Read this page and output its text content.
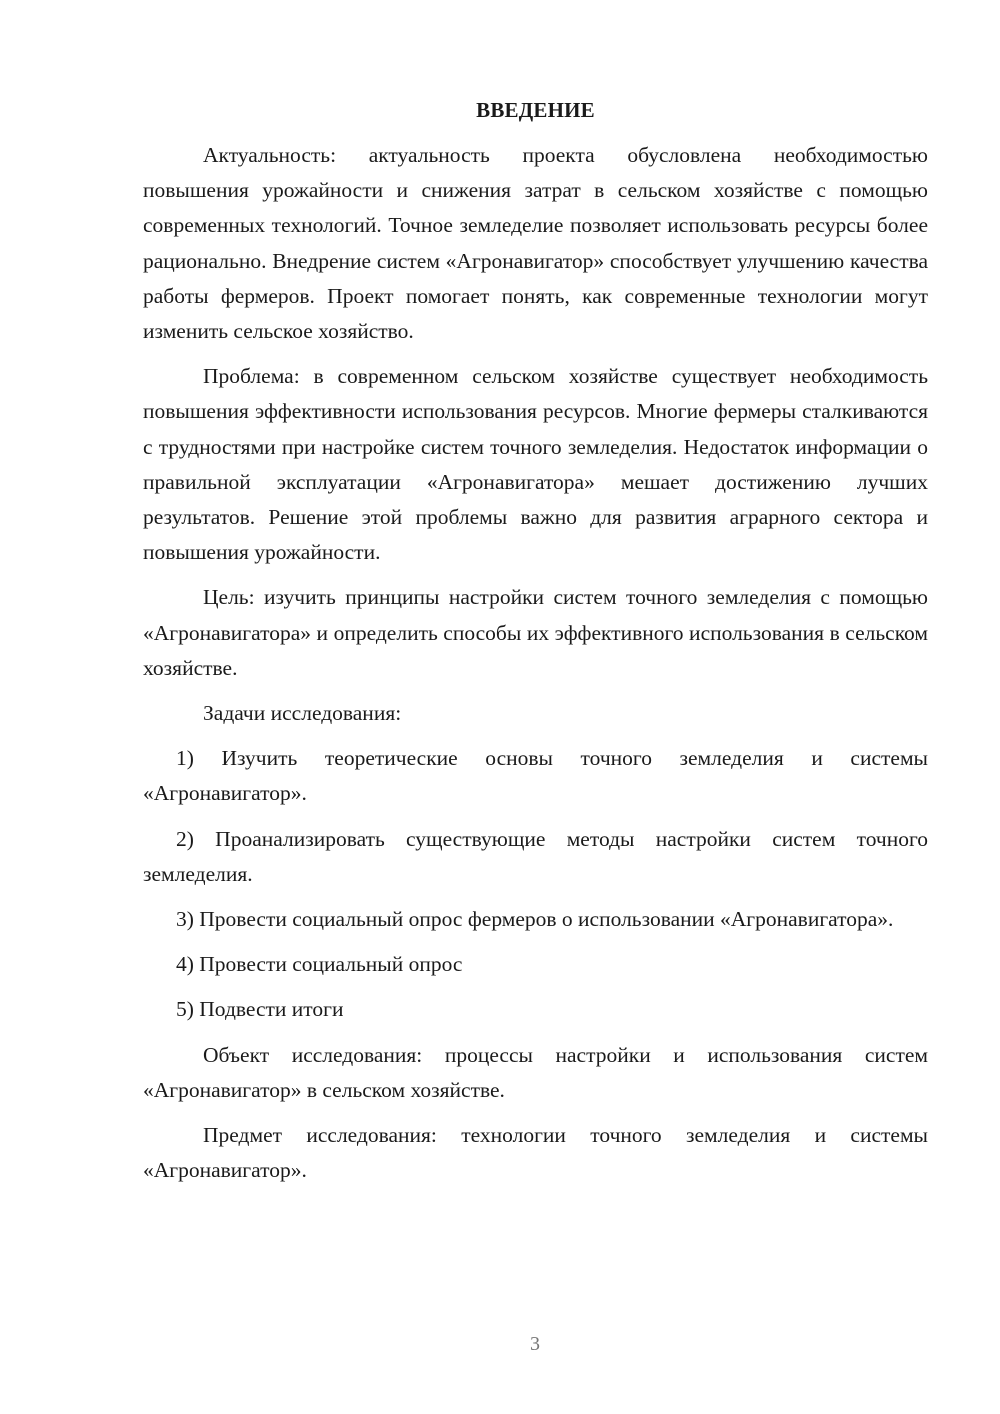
ВВЕДЕНИЕ

Актуальность: актуальность проекта обусловлена необходимостью повышения урожайности и снижения затрат в сельском хозяйстве с помощью современных технологий. Точное земледелие позволяет использовать ресурсы более рационально. Внедрение систем «Агронавигатор» способствует улучшению качества работы фермеров. Проект помогает понять, как современные технологии могут изменить сельское хозяйство.

Проблема: в современном сельском хозяйстве существует необходимость повышения эффективности использования ресурсов. Многие фермеры сталкиваются с трудностями при настройке систем точного земледелия. Недостаток информации о правильной эксплуатации «Агронавигатора» мешает достижению лучших результатов. Решение этой проблемы важно для развития аграрного сектора и повышения урожайности.

Цель: изучить принципы настройки систем точного земледелия с помощью «Агронавигатора» и определить способы их эффективного использования в сельском хозяйстве.

Задачи исследования:

1) Изучить теоретические основы точного земледелия и системы «Агронавигатор».

2) Проанализировать существующие методы настройки систем точного земледелия.

3) Провести социальный опрос фермеров о использовании «Агронавигатора».

4) Провести социальный опрос

5) Подвести итоги

Объект исследования: процессы настройки и использования систем «Агронавигатор» в сельском хозяйстве.

Предмет исследования: технологии точного земледелия и системы «Агронавигатор».

3
